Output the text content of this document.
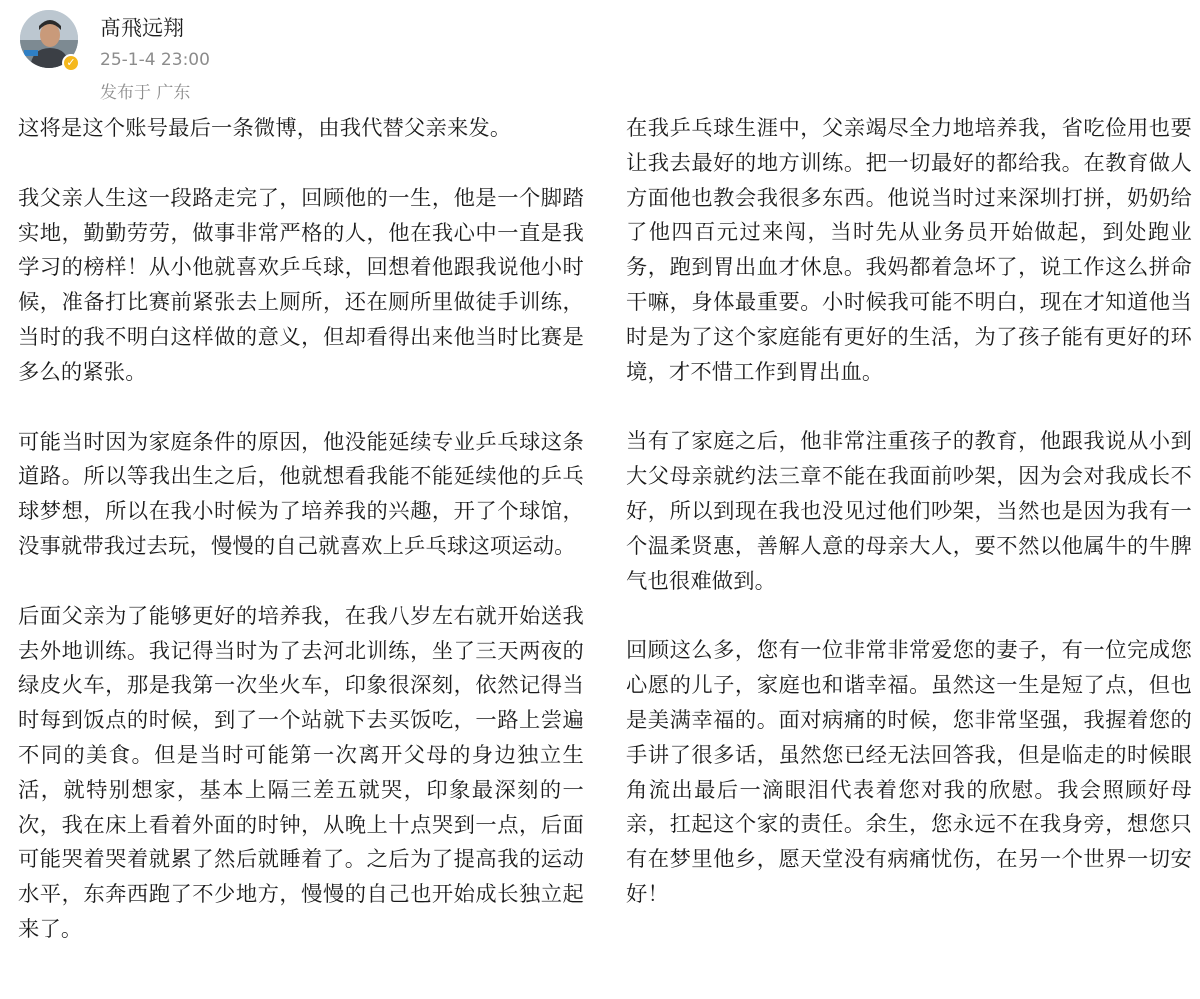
✓
髙飛远翔
25-1-4 23:00
发布于 广东

这将是这个账号最后一条微博，由我代替父亲来发。

我父亲人生这一段路走完了，回顾他的一生，他是一个脚踏实地，勤勤劳劳，做事非常严格的人，他在我心中一直是我学习的榜样！从小他就喜欢乒乓球，回想着他跟我说他小时候，准备打比赛前紧张去上厕所，还在厕所里做徒手训练，当时的我不明白这样做的意义，但却看得出来他当时比赛是多么的紧张。

可能当时因为家庭条件的原因，他没能延续专业乒乓球这条道路。所以等我出生之后，他就想看我能不能延续他的乒乓球梦想，所以在我小时候为了培养我的兴趣，开了个球馆，没事就带我过去玩，慢慢的自己就喜欢上乒乓球这项运动。

后面父亲为了能够更好的培养我，在我八岁左右就开始送我去外地训练。我记得当时为了去河北训练，坐了三天两夜的绿皮火车，那是我第一次坐火车，印象很深刻，依然记得当时每到饭点的时候，到了一个站就下去买饭吃，一路上尝遍不同的美食。但是当时可能第一次离开父母的身边独立生活，就特别想家，基本上隔三差五就哭，印象最深刻的一次，我在床上看着外面的时钟，从晚上十点哭到一点，后面可能哭着哭着就累了然后就睡着了。之后为了提高我的运动水平，东奔西跑了不少地方，慢慢的自己也开始成长独立起来了。

在我乒乓球生涯中，父亲竭尽全力地培养我，省吃俭用也要让我去最好的地方训练。把一切最好的都给我。在教育做人方面他也教会我很多东西。他说当时过来深圳打拼，奶奶给了他四百元过来闯，当时先从业务员开始做起，到处跑业务，跑到胃出血才休息。我妈都着急坏了，说工作这么拼命干嘛，身体最重要。小时候我可能不明白，现在才知道他当时是为了这个家庭能有更好的生活，为了孩子能有更好的环境，才不惜工作到胃出血。

当有了家庭之后，他非常注重孩子的教育，他跟我说从小到大父母亲就约法三章不能在我面前吵架，因为会对我成长不好，所以到现在我也没见过他们吵架，当然也是因为我有一个温柔贤惠，善解人意的母亲大人，要不然以他属牛的牛脾气也很难做到。

回顾这么多，您有一位非常非常爱您的妻子，有一位完成您心愿的儿子，家庭也和谐幸福。虽然这一生是短了点，但也是美满幸福的。面对病痛的时候，您非常坚强，我握着您的手讲了很多话，虽然您已经无法回答我，但是临走的时候眼角流出最后一滴眼泪代表着您对我的欣慰。我会照顾好母亲，扛起这个家的责任。余生，您永远不在我身旁，想您只有在梦里他乡，愿天堂没有病痛忧伤，在另一个世界一切安好！
